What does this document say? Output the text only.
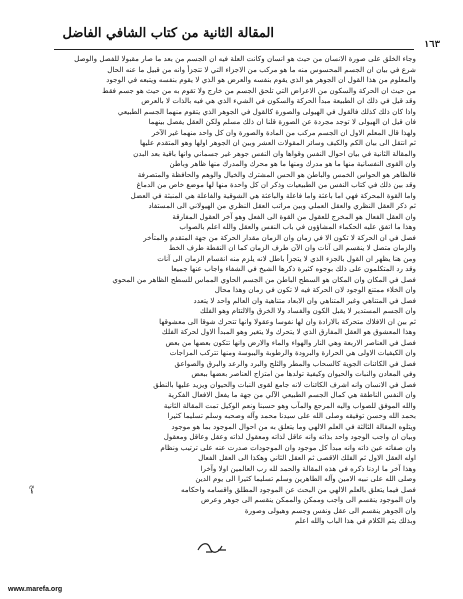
المقالة الثانية من كتاب الشافي الفاضل
١٦٣

وجاء الخلق على صورة الانسان من حيث هو انسان وكانت العلة فيه ان الجسم من بعد ما صار مقبولا للفصل والوصل

شرع في بيان ان الجسم المحسوس منه ما هو مركب من الاجزاء التي لا تتجزأ وانه من قبيل ما عنه الحال

والمعلوم من هذا القول ان الجوهر هو الذي يقوم بنفسه والعرض هو الذي لا يقوم بنفسه ويتبعه في الوجود

من حيث ان الحركة والسكون من الاعراض التي تلحق الجسم من خارج ولا تقوم به من حيث هو جسم فقط

وقد قيل في ذلك ان الطبيعة مبدأ الحركة والسكون في الشيء الذي هي فيه بالذات لا بالعرض

واذا كان ذلك كذلك فالقول في الهيولى والصورة كالقول في الجوهر الذي يتقوم منهما الجسم الطبيعي

فان قيل ان الهيولى لا توجد مجردة عن الصورة قلنا ان ذلك مسلم ولكن العقل يفصل بينهما

ولهذا قال المعلم الاول ان الجسم مركب من المادة والصورة وان كل واحد منهما غير الآخر

ثم انتقل الى بيان الكم والكيف وسائر المقولات العشر وبين ان الجوهر اولها وهو المتقدم عليها

والمقالة الثانية في بيان احوال النفس وقواها وان النفس جوهر غير جسماني وانها باقية بعد البدن

وان القوى النفسانية منها ما هو مدرك ومنها ما هو محرك والمدرك منها ظاهر وباطن

فالظاهر هو الحواس الخمس والباطن هو الحس المشترك والخيال والوهم والحافظة والمتصرفة

وقد بين ذلك في كتاب النفس من الطبيعيات وذكر ان كل واحدة منها لها موضع خاص من الدماغ

واما القوة المحركة فهي اما باعثة واما فاعلة والباعثة هي الشوقية والفاعلة هي المنبثة في العضل

ثم ذكر العقل النظري والعقل العملي وبين مراتب العقل النظري من الهيولاني الى المستفاد

وان العقل الفعال هو المخرج للعقول من القوة الى الفعل وهو آخر العقول المفارقة

وهذا ما اتفق عليه الحكماء المشاؤون في باب النفس والعقل والله اعلم بالصواب

فصل في ان الحركة لا تكون الا في زمان وان الزمان مقدار الحركة من جهة المتقدم والمتأخر

والزمان متصل لا ينقسم الى آنات وان الآن طرف الزمان كما ان النقطة طرف الخط

ومن هنا يظهر ان القول بالجزء الذي لا يتجزأ باطل لانه يلزم منه انقسام الزمان الى آنات

وقد رد المتكلمون على ذلك بوجوه كثيرة ذكرها الشيخ في الشفاء واجاب عنها جميعا

فصل في المكان وان المكان هو السطح الباطن من الجسم الحاوي المماس للسطح الظاهر من المحوي

وان الخلاء ممتنع الوجود لان الحركة فيه لا تكون في زمان وهذا محال

فصل في المتناهي وغير المتناهي وان الابعاد متناهية وان العالم واحد لا يتعدد

وان الجسم المستدير لا يقبل الكون والفساد ولا الخرق والالتئام وهو الفلك

ثم بين ان الافلاك متحركة بالارادة وان لها نفوسا وعقولا وانها تتحرك شوقا الى معشوقها

وهذا المعشوق هو العقل المفارق الذي لا يتحرك ولا يتغير وهو المبدأ الاول لحركة الفلك

فصل في العناصر الاربعة وهي النار والهواء والماء والارض وانها تتكون بعضها من بعض

وان الكيفيات الاولى هي الحرارة والبرودة والرطوبة واليبوسة ومنها تتركب المزاجات

فصل في الكائنات الجوية كالسحاب والمطر والثلج والبرد والرعد والبرق والصواعق

وفي المعادن والنبات والحيوان وكيفية تولدها من امتزاج العناصر بعضها ببعض

فصل في الانسان وانه اشرف الكائنات لانه جامع لقوى النبات والحيوان ويزيد عليها بالنطق

وان النفس الناطقة هي كمال الجسم الطبيعي الآلي من جهة ما يفعل الافعال الفكرية

والله الموفق للصواب واليه المرجع والمآب وهو حسبنا ونعم الوكيل تمت المقالة الثانية

بحمد الله وحسن توفيقه وصلى الله على سيدنا محمد وآله وصحبه وسلم تسليما كثيرا

ويتلوه المقالة الثالثة في العلم الالهي وما يتعلق به من احوال الموجود بما هو موجود

وبيان ان واجب الوجود واحد بذاته وانه عاقل لذاته ومعقول لذاته وعقل وعاقل ومعقول

وان صفاته عين ذاته وانه مبدأ كل موجود وان الموجودات صدرت عنه على ترتيب ونظام

اوله العقل الاول ثم الفلك الاقصى ثم العقل الثاني وهكذا الى العقل الفعال

وهذا آخر ما اردنا ذكره في هذه المقالة والحمد لله رب العالمين اولا وآخرا

وصلى الله على نبيه الامين وآله الطاهرين وسلم تسليما كثيرا الى يوم الدين

فصل فيما يتعلق بالعلم الالهي من البحث عن الموجود المطلق واقسامه واحكامه

وان الموجود ينقسم الى واجب وممكن والممكن ينقسم الى جوهر وعرض

وان الجوهر ينقسم الى عقل ونفس وجسم وهيولى وصورة

وبذلك يتم الكلام في هذا الباب والله اعلم

صح
www.marefa.org
